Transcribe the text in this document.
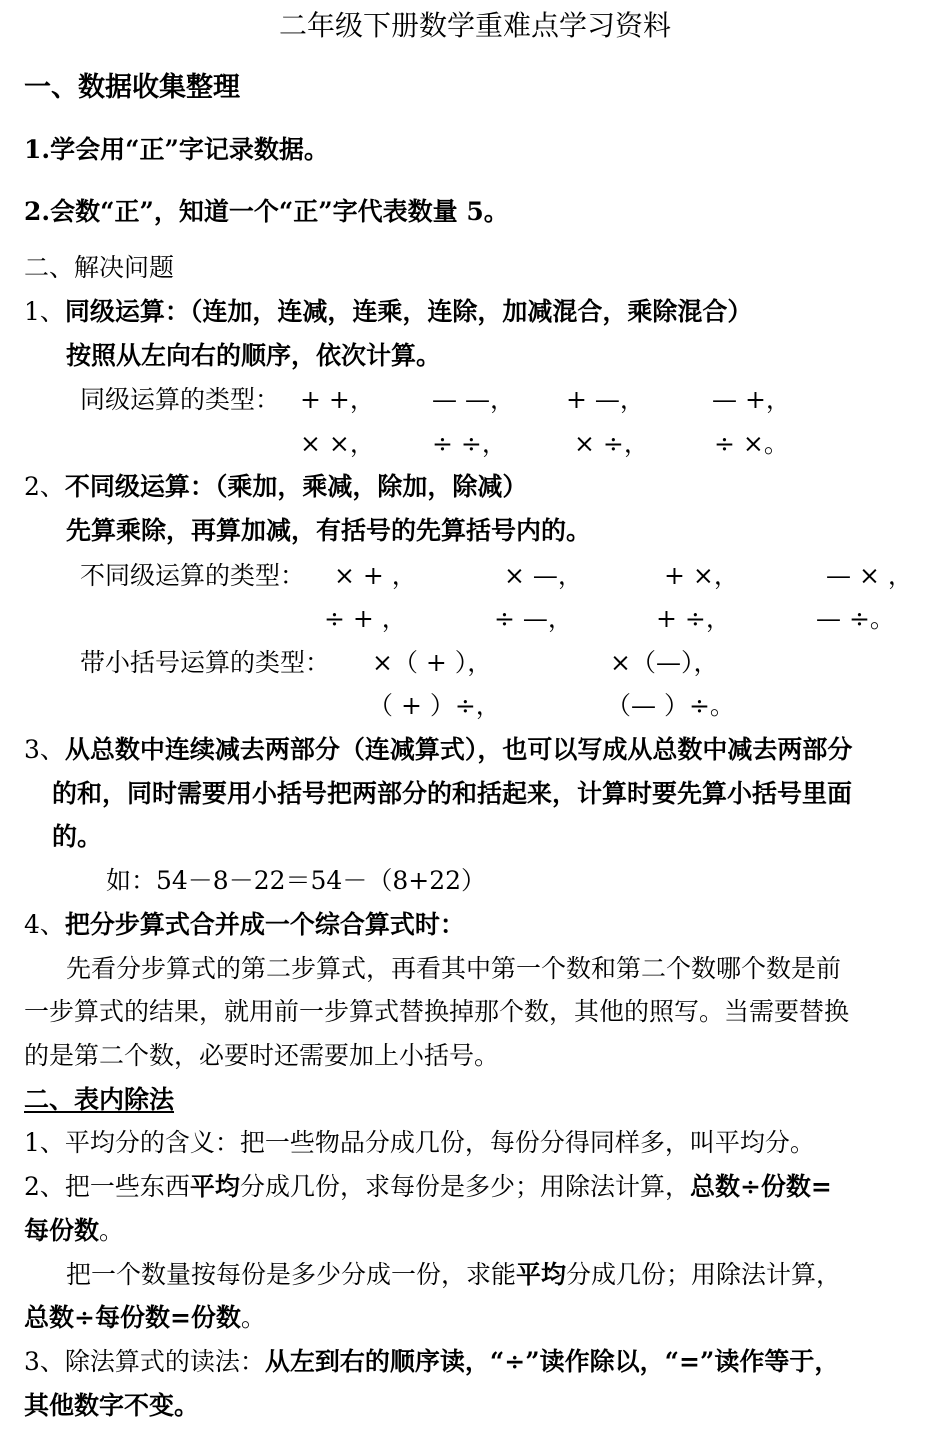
二年级下册数学重难点学习资料
一、数据收集整理
1.学会用“正”字记录数据。
2.会数“正”，知道一个“正”字代表数量 5。
二、解决问题
1、同级运算：（连加，连减，连乘，连除，加减混合，乘除混合）
按照从左向右的顺序，依次计算。
同级运算的类型： + +， — —， + —，	— +，
× ×， ÷ ÷，	× ÷，	÷ ×。
2、不同级运算：（乘加，乘减，除加，除减）
先算乘除，再算加减，有括号的先算括号内的。
不同级运算的类型： × + ，	× —，	+ ×，	— × ，
÷ + ，	÷ —，	+ ÷，	— ÷。
带小括号运算的类型： ×（ + ），	×（—），
（ + ）÷，	（— ）÷。
3、从总数中连续减去两部分（连减算式），也可以写成从总数中减去两部分
的和，同时需要用小括号把两部分的和括起来，计算时要先算小括号里面
的。
如：54－8－22＝54－（8+22）
4、把分步算式合并成一个综合算式时：
先看分步算式的第二步算式，再看其中第一个数和第二个数哪个数是前
一步算式的结果，就用前一步算式替换掉那个数，其他的照写。当需要替换
的是第二个数，必要时还需要加上小括号。
二、表内除法
1、平均分的含义：把一些物品分成几份，每份分得同样多，叫平均分。
2、把一些东西平均分成几份，求每份是多少；用除法计算，总数÷份数=
每份数。
把一个数量按每份是多少分成一份，求能平均分成几份；用除法计算，
总数÷每份数=份数。
3、除法算式的读法：从左到右的顺序读，“÷”读作除以，“=”读作等于，
其他数字不变。
